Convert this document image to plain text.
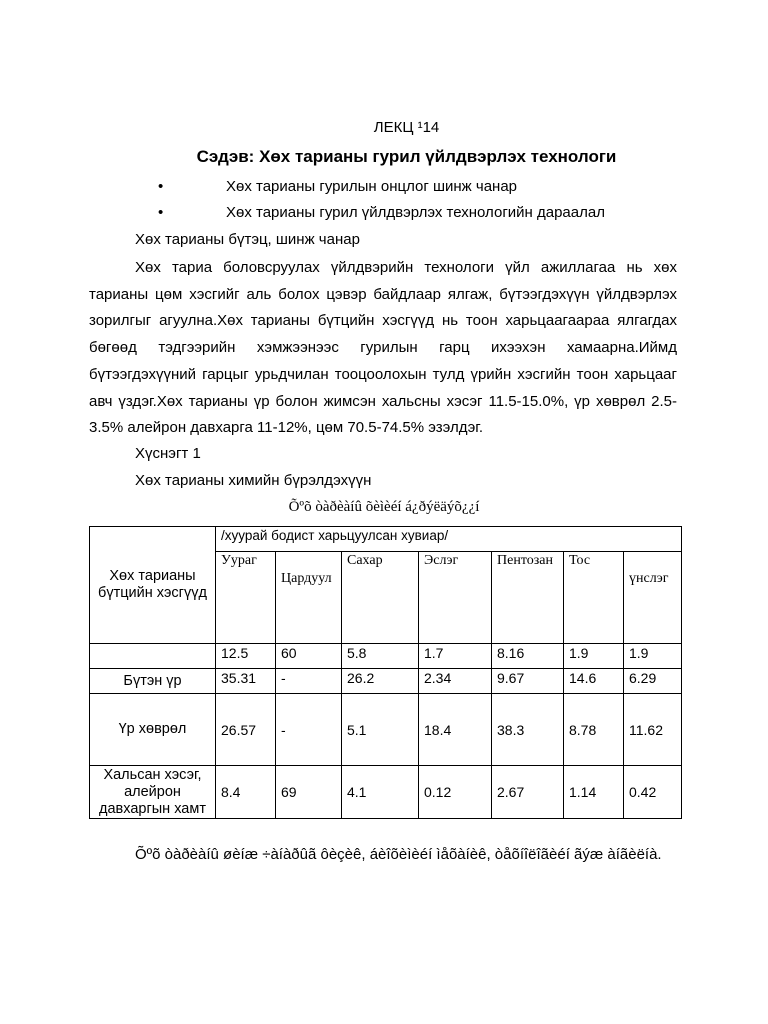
ЛЕКЦ ¹14
Сэдэв: Хөх тарианы гурил үйлдвэрлэх технологи
•	Хөх тарианы гурилын онцлог шинж чанар
•	Хөх тарианы гурил үйлдвэрлэх технологийн дараалал
Хөх тарианы бүтэц, шинж чанар
Хөх тариа боловсруулах үйлдвэрийн технологи үйл ажиллагаа нь хөх
тарианы цөм хэсгийг аль болох цэвэр байдлаар ялгаж, бүтээгдэхүүн үйлдвэрлэх
зорилгыг агуулна.Хөх тарианы бүтцийн хэсгүүд нь тоон харьцаагаараа ялгагдах
бөгөөд тэдгээрийн хэмжээнээс гурилын гарц ихээхэн хамаарна.Иймд
бүтээгдэхүүний гарцыг урьдчилан тооцоолохын тулд үрийн хэсгийн тоон харьцааг
авч үздэг.Хөх тарианы үр болон жимсэн хальсны хэсэг 11.5-15.0%, үр хөврөл 2.5-
3.5% алейрон давхарга 11-12%, цөм 70.5-74.5% эзэлдэг.
Хүснэгт 1
Хөх тарианы химийн бүрэлдэхүүн
Õºõ òàðèàíû õèìèéí á¿ðýëäýõ¿¿í
Хөх тарианы бүтцийн хэсгүүд	/хуурай бодист харьцуулсан хувиар/						
	Уураг	Цардуул	Сахар	Эслэг	Пентозан	Тос	үнслэг
	12.5	60	5.8	1.7	8.16	1.9	1.9
Бүтэн үр	35.31	-	26.2	2.34	9.67	14.6	6.29
Үр хөврөл	26.57	-	5.1	18.4	38.3	8.78	11.62
Хальсан хэсэг, алейрон давхаргын хамт	8.4	69	4.1	0.12	2.67	1.14	0.42
Õºõ òàðèàíû øèíæ ÷àíàðûã ôèçèê, áèîõèìèéí ìåõàíèê, òåõíîëîãèéí ãýæ àíãèëíà.
